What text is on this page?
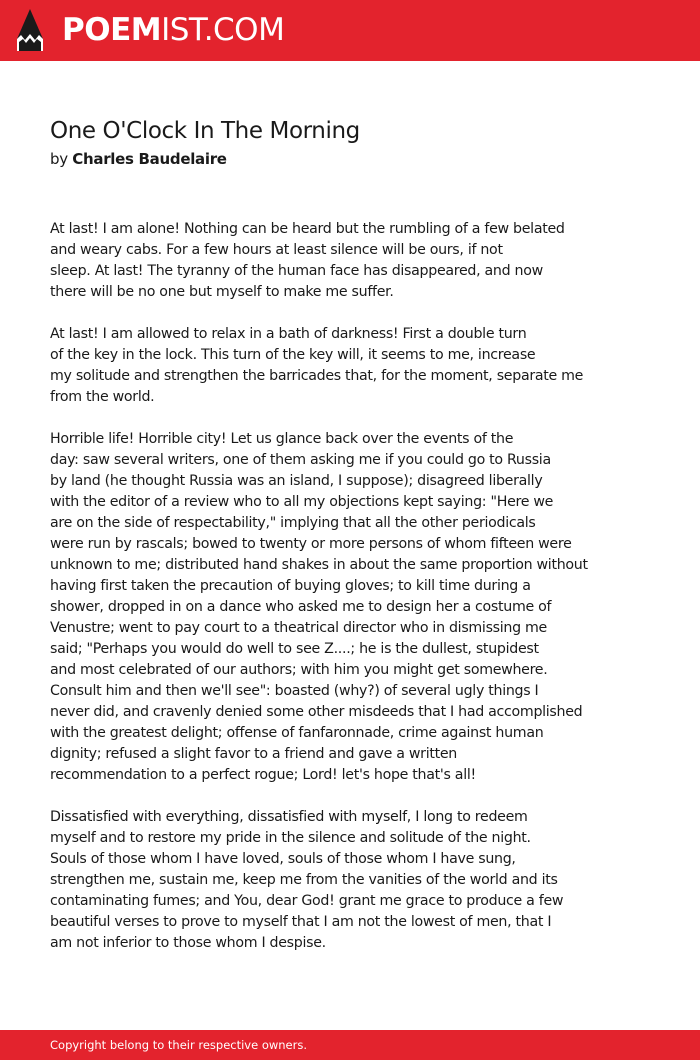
POEMIST.COM
One O'Clock In The Morning
by Charles Baudelaire

At last! I am alone! Nothing can be heard but the rumbling of a few belated
and weary cabs. For a few hours at least silence will be ours, if not
sleep. At last! The tyranny of the human face has disappeared, and now
there will be no one but myself to make me suffer.

At last! I am allowed to relax in a bath of darkness! First a double turn
of the key in the lock. This turn of the key will, it seems to me, increase
my solitude and strengthen the barricades that, for the moment, separate me
from the world.

Horrible life! Horrible city! Let us glance back over the events of the
day: saw several writers, one of them asking me if you could go to Russia
by land (he thought Russia was an island, I suppose); disagreed liberally
with the editor of a review who to all my objections kept saying: "Here we
are on the side of respectability," implying that all the other periodicals
were run by rascals; bowed to twenty or more persons of whom fifteen were
unknown to me; distributed hand shakes in about the same proportion without
having first taken the precaution of buying gloves; to kill time during a
shower, dropped in on a dance who asked me to design her a costume of
Venustre; went to pay court to a theatrical director who in dismissing me
said; "Perhaps you would do well to see Z....; he is the dullest, stupidest
and most celebrated of our authors; with him you might get somewhere.
Consult him and then we'll see": boasted (why?) of several ugly things I
never did, and cravenly denied some other misdeeds that I had accomplished
with the greatest delight; offense of fanfaronnade, crime against human
dignity; refused a slight favor to a friend and gave a written
recommendation to a perfect rogue; Lord! let's hope that's all!

Dissatisfied with everything, dissatisfied with myself, I long to redeem
myself and to restore my pride in the silence and solitude of the night.
Souls of those whom I have loved, souls of those whom I have sung,
strengthen me, sustain me, keep me from the vanities of the world and its
contaminating fumes; and You, dear God! grant me grace to produce a few
beautiful verses to prove to myself that I am not the lowest of men, that I
am not inferior to those whom I despise.

Copyright belong to their respective owners.
